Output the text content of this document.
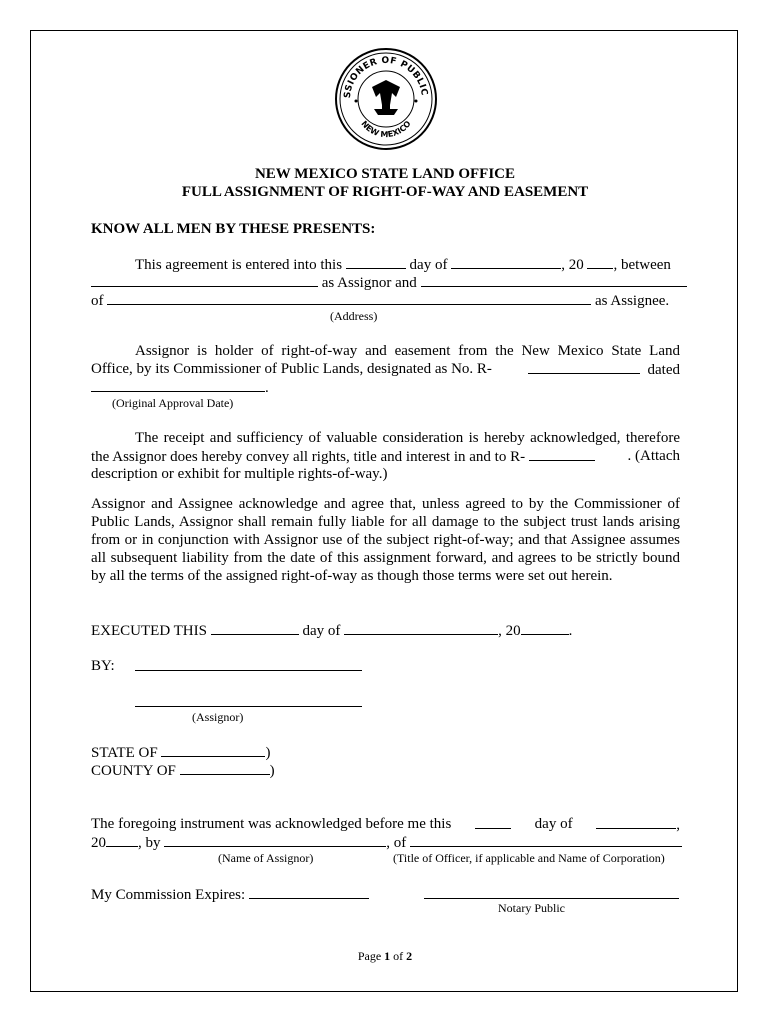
SSIONER OF PUBLIC
NEW MEXICO
NEW MEXICO STATE LAND OFFICE
FULL ASSIGNMENT OF RIGHT-OF-WAY AND EASEMENT
KNOW ALL MEN BY THESE PRESENTS:
This agreement is entered into this	day of	, 20 , between
as Assignor and
of	as Assignee.
(Address)
Assignor is holder of right-of-way and easement from the New Mexico State Land
Office, by its Commissioner of Public Lands, designated as No. R-	dated
.
(Original Approval Date)
The receipt and sufficiency of valuable consideration is hereby acknowledged, therefore
the Assignor does hereby convey all rights, title and interest in and to R-	. (Attach
description or exhibit for multiple rights-of-way.)
Assignor and Assignee acknowledge and agree that, unless agreed to by the Commissioner of Public Lands, Assignor shall remain fully liable for all damage to the subject trust lands arising from or in conjunction with Assignor use of the subject right-of-way; and that Assignee assumes all subsequent liability from the date of this assignment forward, and agrees to be strictly bound by all the terms of the assigned right-of-way as though those terms were set out herein.
EXECUTED THIS	day of	, 20	.
BY:
(Assignor)
STATE OF	)
COUNTY OF	)
The foregoing instrument was acknowledged before me this	day of	,
20 , by	, of
(Name of Assignor)	(Title of Officer, if applicable and Name of Corporation)
My Commission Expires:
Notary Public
Page 1 of 2
